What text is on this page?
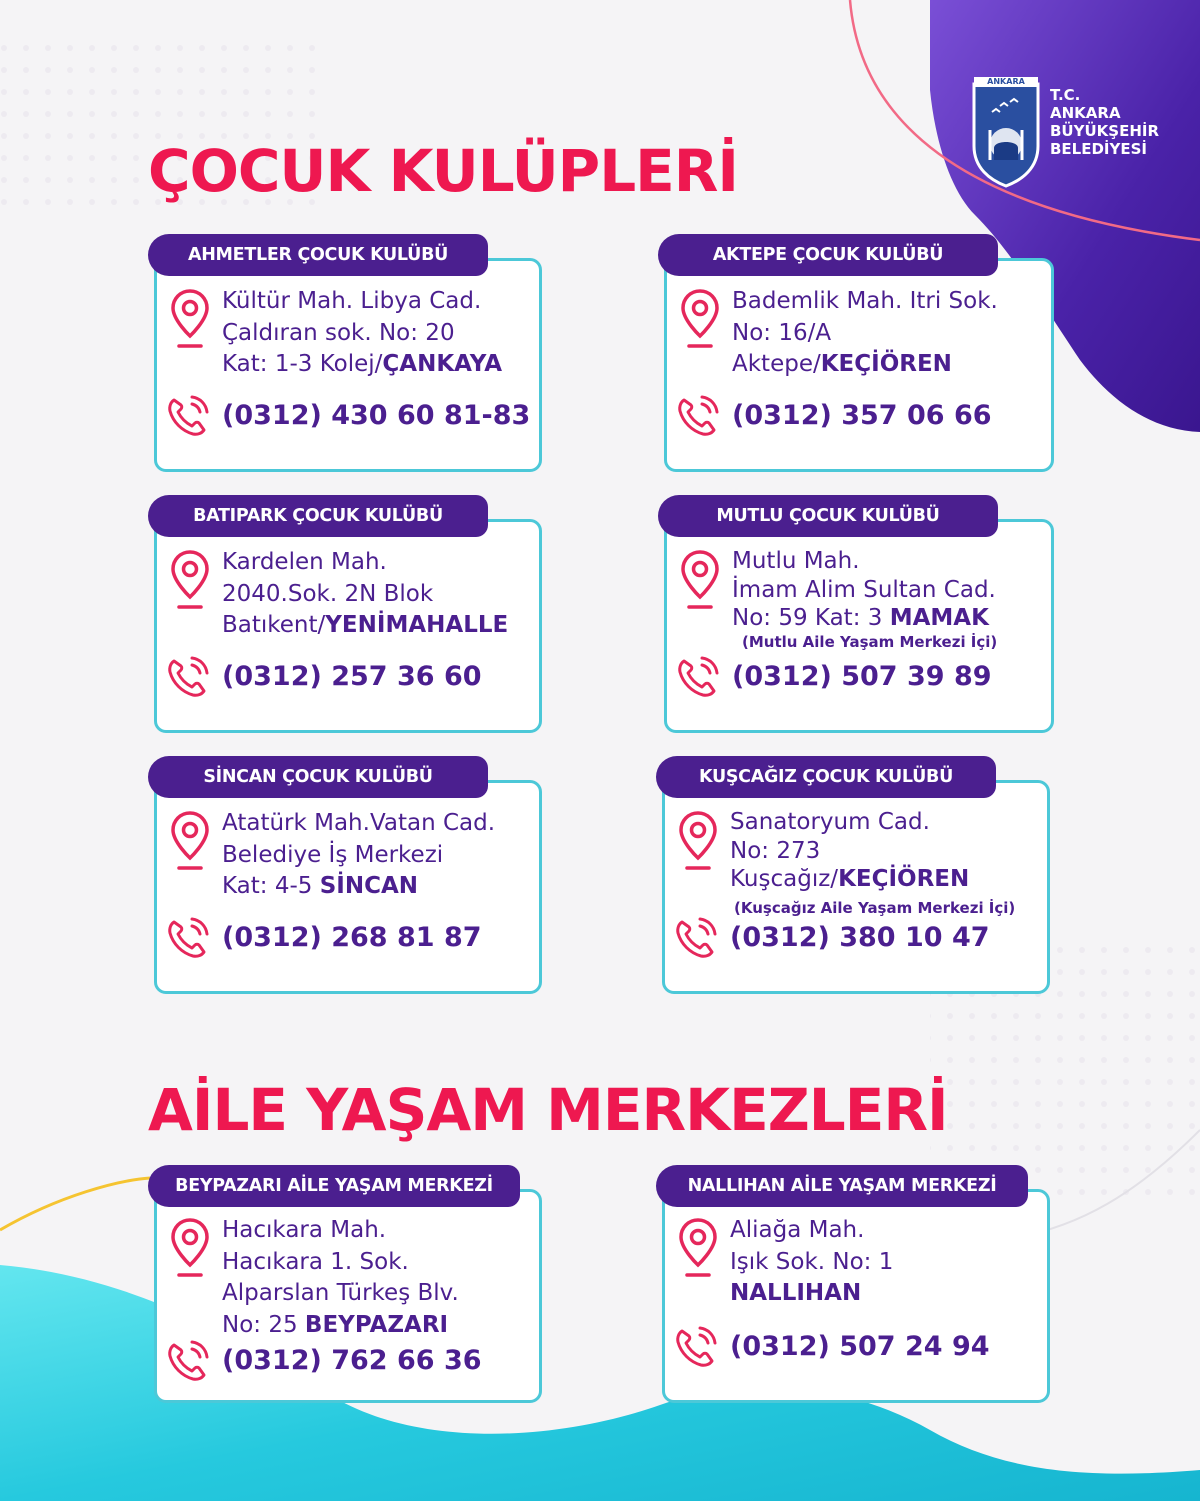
ANKARA
T.C.
ANKARA
BÜYÜKŞEHİR
BELEDİYESİ
ÇOCUK KULÜPLERİ
AİLE YAŞAM MERKEZLERİ
AHMETLER ÇOCUK KULÜBÜ
Kültür Mah. Libya Cad.
Çaldıran sok. No: 20
Kat: 1-3 Kolej/ÇANKAYA
(0312) 430 60 81-83
AKTEPE ÇOCUK KULÜBÜ
Bademlik Mah. Itri Sok.
No: 16/A
Aktepe/KEÇİÖREN
(0312) 357 06 66
BATIPARK ÇOCUK KULÜBÜ
Kardelen Mah.
2040.Sok. 2N Blok
Batıkent/YENİMAHALLE
(0312) 257 36 60
MUTLU ÇOCUK KULÜBÜ
Mutlu Mah.
İmam Alim Sultan Cad.
No: 59 Kat: 3 MAMAK
(Mutlu Aile Yaşam Merkezi İçi)
(0312) 507 39 89
SİNCAN ÇOCUK KULÜBÜ
Atatürk Mah.Vatan Cad.
Belediye İş Merkezi
Kat: 4-5 SİNCAN
(0312) 268 81 87
KUŞCAĞIZ ÇOCUK KULÜBÜ
Sanatoryum Cad.
No: 273
Kuşcağız/KEÇİÖREN
(Kuşcağız Aile Yaşam Merkezi İçi)
(0312) 380 10 47
BEYPAZARI AİLE YAŞAM MERKEZİ
Hacıkara Mah.
Hacıkara 1. Sok.
Alparslan Türkeş Blv.
No: 25 BEYPAZARI
(0312) 762 66 36
NALLIHAN AİLE YAŞAM MERKEZİ
Aliağa Mah.
Işık Sok. No: 1
NALLIHAN
(0312) 507 24 94
